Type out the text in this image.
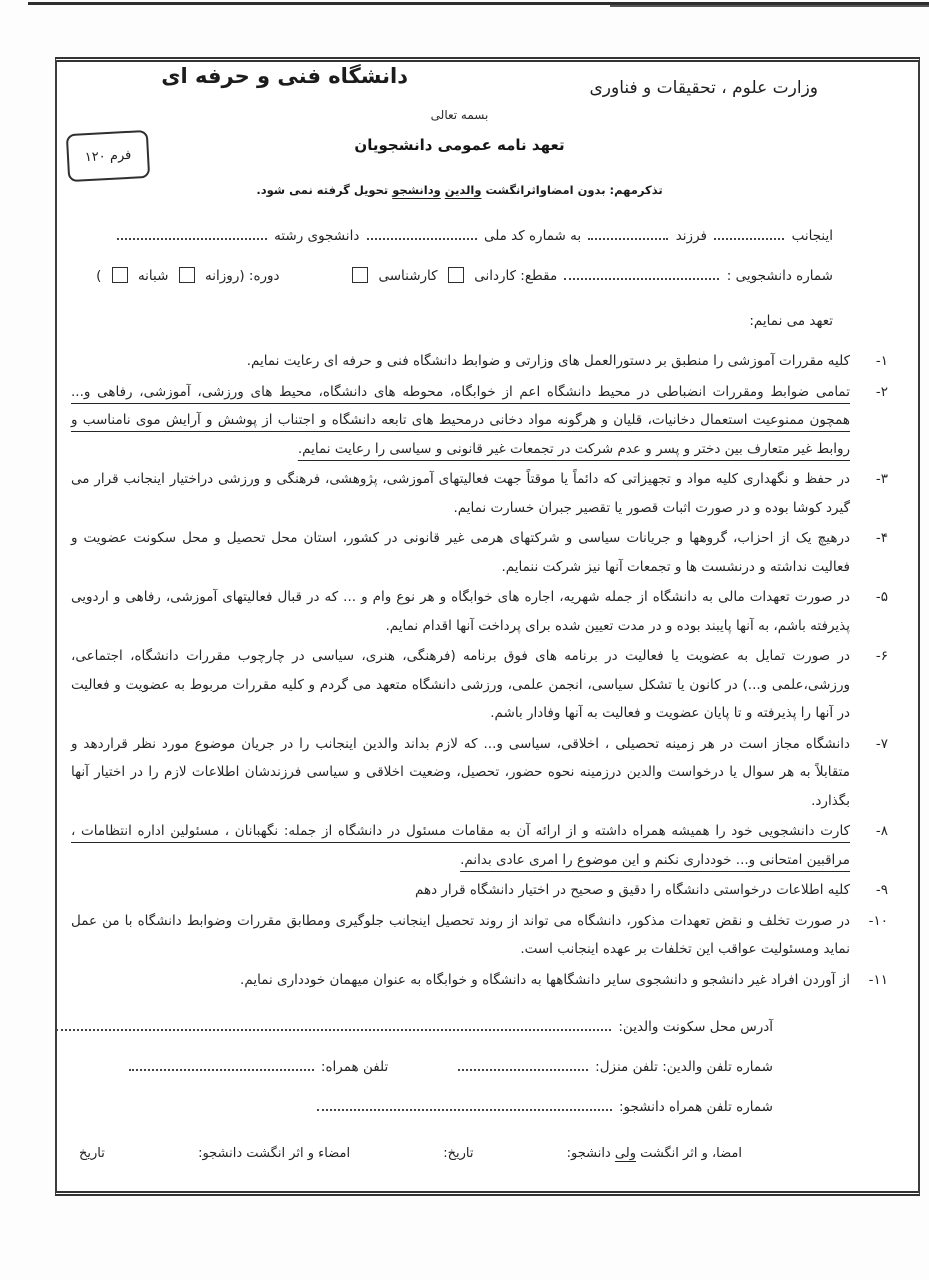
دانشگاه فنی و حرفه ای	وزارت علوم ، تحقیقات و فناوری
بسمه تعالی
تعهد نامه عمومی دانشجویان
فرم ۱۲۰
تذکرمهم: بدون امضاواثرانگشت والدین ودانشجو تحویل گرفته نمی شود.
اینجانب  فرزند  به شماره کد ملی  دانشجوی رشته
شماره دانشجویی :  مقطع: کاردانی  کارشناسی   دوره: (روزانه  شبانه  )
تعهد می نمایم:
۱-
کلیه مقررات آموزشی را منطبق بر دستورالعمل های وزارتی و ضوابط دانشگاه فنی و حرفه ای رعایت نمایم.
۲-
تمامی ضوابط ومقررات انضباطی در محیط دانشگاه اعم از خوابگاه، محوطه های دانشگاه، محیط های ورزشی، آموزشی، رفاهی و... همچون ممنوعیت استعمال دخانیات، قلیان و هرگونه مواد دخانی درمحیط های تابعه دانشگاه و اجتناب از پوشش و آرایش موی نامناسب و روابط غیر متعارف بین دختر و پسر و عدم شرکت در تجمعات غیر قانونی و سیاسی را رعایت نمایم.
۳-
در حفظ و نگهداری کلیه مواد و تجهیزاتی که دائماً یا موقتاً جهت فعالیتهای آموزشی، پژوهشی، فرهنگی و ورزشی دراختیار اینجانب قرار می گیرد کوشا بوده و در صورت اثبات قصور یا تقصیر جبران خسارت نمایم.
۴-
درهیچ یک از احزاب، گروهها و جریانات سیاسی و شرکتهای هرمی غیر قانونی در کشور، استان محل تحصیل و محل سکونت عضویت و فعالیت نداشته و درنشست ها و تجمعات آنها نیز شرکت ننمایم.
۵-
در صورت تعهدات مالی به دانشگاه از جمله شهریه، اجاره های خوابگاه و هر نوع وام و ... که در قبال فعالیتهای آموزشی، رفاهی و اردویی پذیرفته باشم، به آنها پایبند بوده و در مدت تعیین شده برای پرداخت آنها اقدام نمایم.
۶-
در صورت تمایل به عضویت یا فعالیت در برنامه های فوق برنامه (فرهنگی، هنری، سیاسی در چارچوب مقررات دانشگاه، اجتماعی، ورزشی،علمی و...) در کانون یا تشکل سیاسی، انجمن علمی، ورزشی دانشگاه متعهد می گردم و کلیه مقررات مربوط به عضویت و فعالیت در آنها را پذیرفته و تا پایان عضویت و فعالیت به آنها وفادار باشم.
۷-
دانشگاه مجاز است در هر زمینه تحصیلی ، اخلاقی، سیاسی و... که لازم بداند والدین اینجانب را در جریان موضوع مورد نظر قراردهد و متقابلاً به هر سوال یا درخواست والدین درزمینه نحوه حضور، تحصیل، وضعیت اخلاقی و سیاسی فرزندشان اطلاعات لازم را در اختیار آنها بگذارد.
۸-
کارت دانشجویی خود را همیشه همراه داشته و از ارائه آن به مقامات مسئول در دانشگاه از جمله: نگهبانان ، مسئولین اداره انتظامات ، مراقبین امتحانی و... خودداری نکنم و این موضوع را امری عادی بدانم.
۹-
کلیه اطلاعات درخواستی دانشگاه را دقیق و صحیح در اختیار دانشگاه قرار دهم
۱۰-
در صورت تخلف و نقض تعهدات مذکور، دانشگاه می تواند از روند تحصیل اینجانب جلوگیری ومطابق مقررات وضوابط دانشگاه با من عمل نماید ومسئولیت عواقب این تخلفات بر عهده اینجانب است.
۱۱-
از آوردن افراد غیر دانشجو و دانشجوی سایر دانشگاهها به دانشگاه و خوابگاه به عنوان میهمان خودداری نمایم.
آدرس محل سکونت والدین:
شماره تلفن والدین: تلفن منزل:   تلفن همراه:
شماره تلفن همراه دانشجو:
امضا، و اثر انگشت ولی دانشجو:
تاریخ:
امضاء و اثر انگشت دانشجو:
تاریخ
